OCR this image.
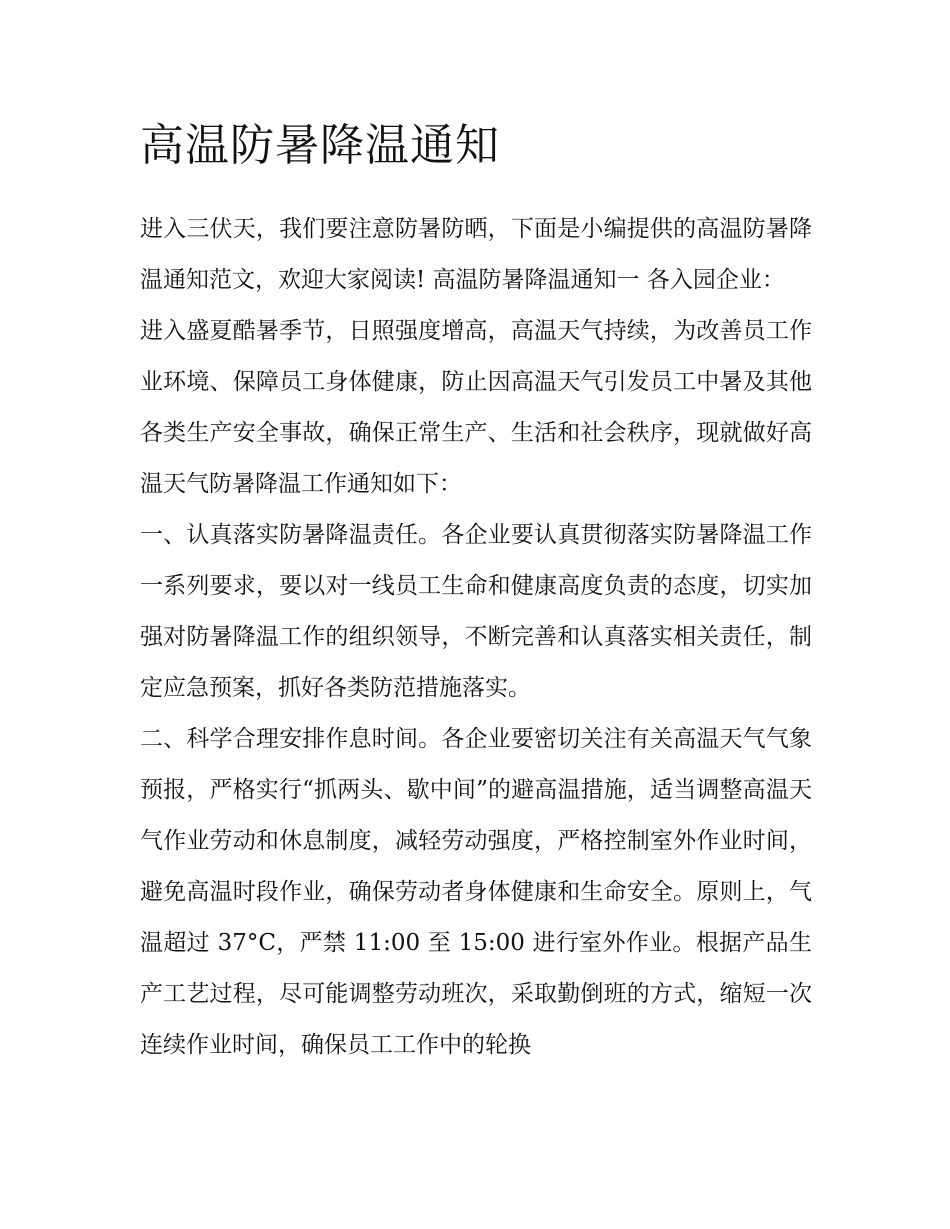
高温防暑降温通知

进入三伏天，我们要注意防暑防晒，下面是小编提供的高温防暑降温通知范文，欢迎大家阅读! 高温防暑降温通知一 各入园企业：

进入盛夏酷暑季节，日照强度增高，高温天气持续，为改善员工作业环境、保障员工身体健康，防止因高温天气引发员工中暑及其他各类生产安全事故，确保正常生产、生活和社会秩序，现就做好高温天气防暑降温工作通知如下：

一、认真落实防暑降温责任。各企业要认真贯彻落实防暑降温工作一系列要求，要以对一线员工生命和健康高度负责的态度，切实加强对防暑降温工作的组织领导，不断完善和认真落实相关责任，制定应急预案，抓好各类防范措施落实。

二、科学合理安排作息时间。各企业要密切关注有关高温天气气象预报，严格实行“抓两头、歇中间”的避高温措施，适当调整高温天气作业劳动和休息制度，减轻劳动强度，严格控制室外作业时间，避免高温时段作业，确保劳动者身体健康和生命安全。原则上，气温超过 37°C，严禁 11:00 至 15:00 进行室外作业。根据产品生产工艺过程，尽可能调整劳动班次，采取勤倒班的方式，缩短一次连续作业时间，确保员工工作中的轮换
